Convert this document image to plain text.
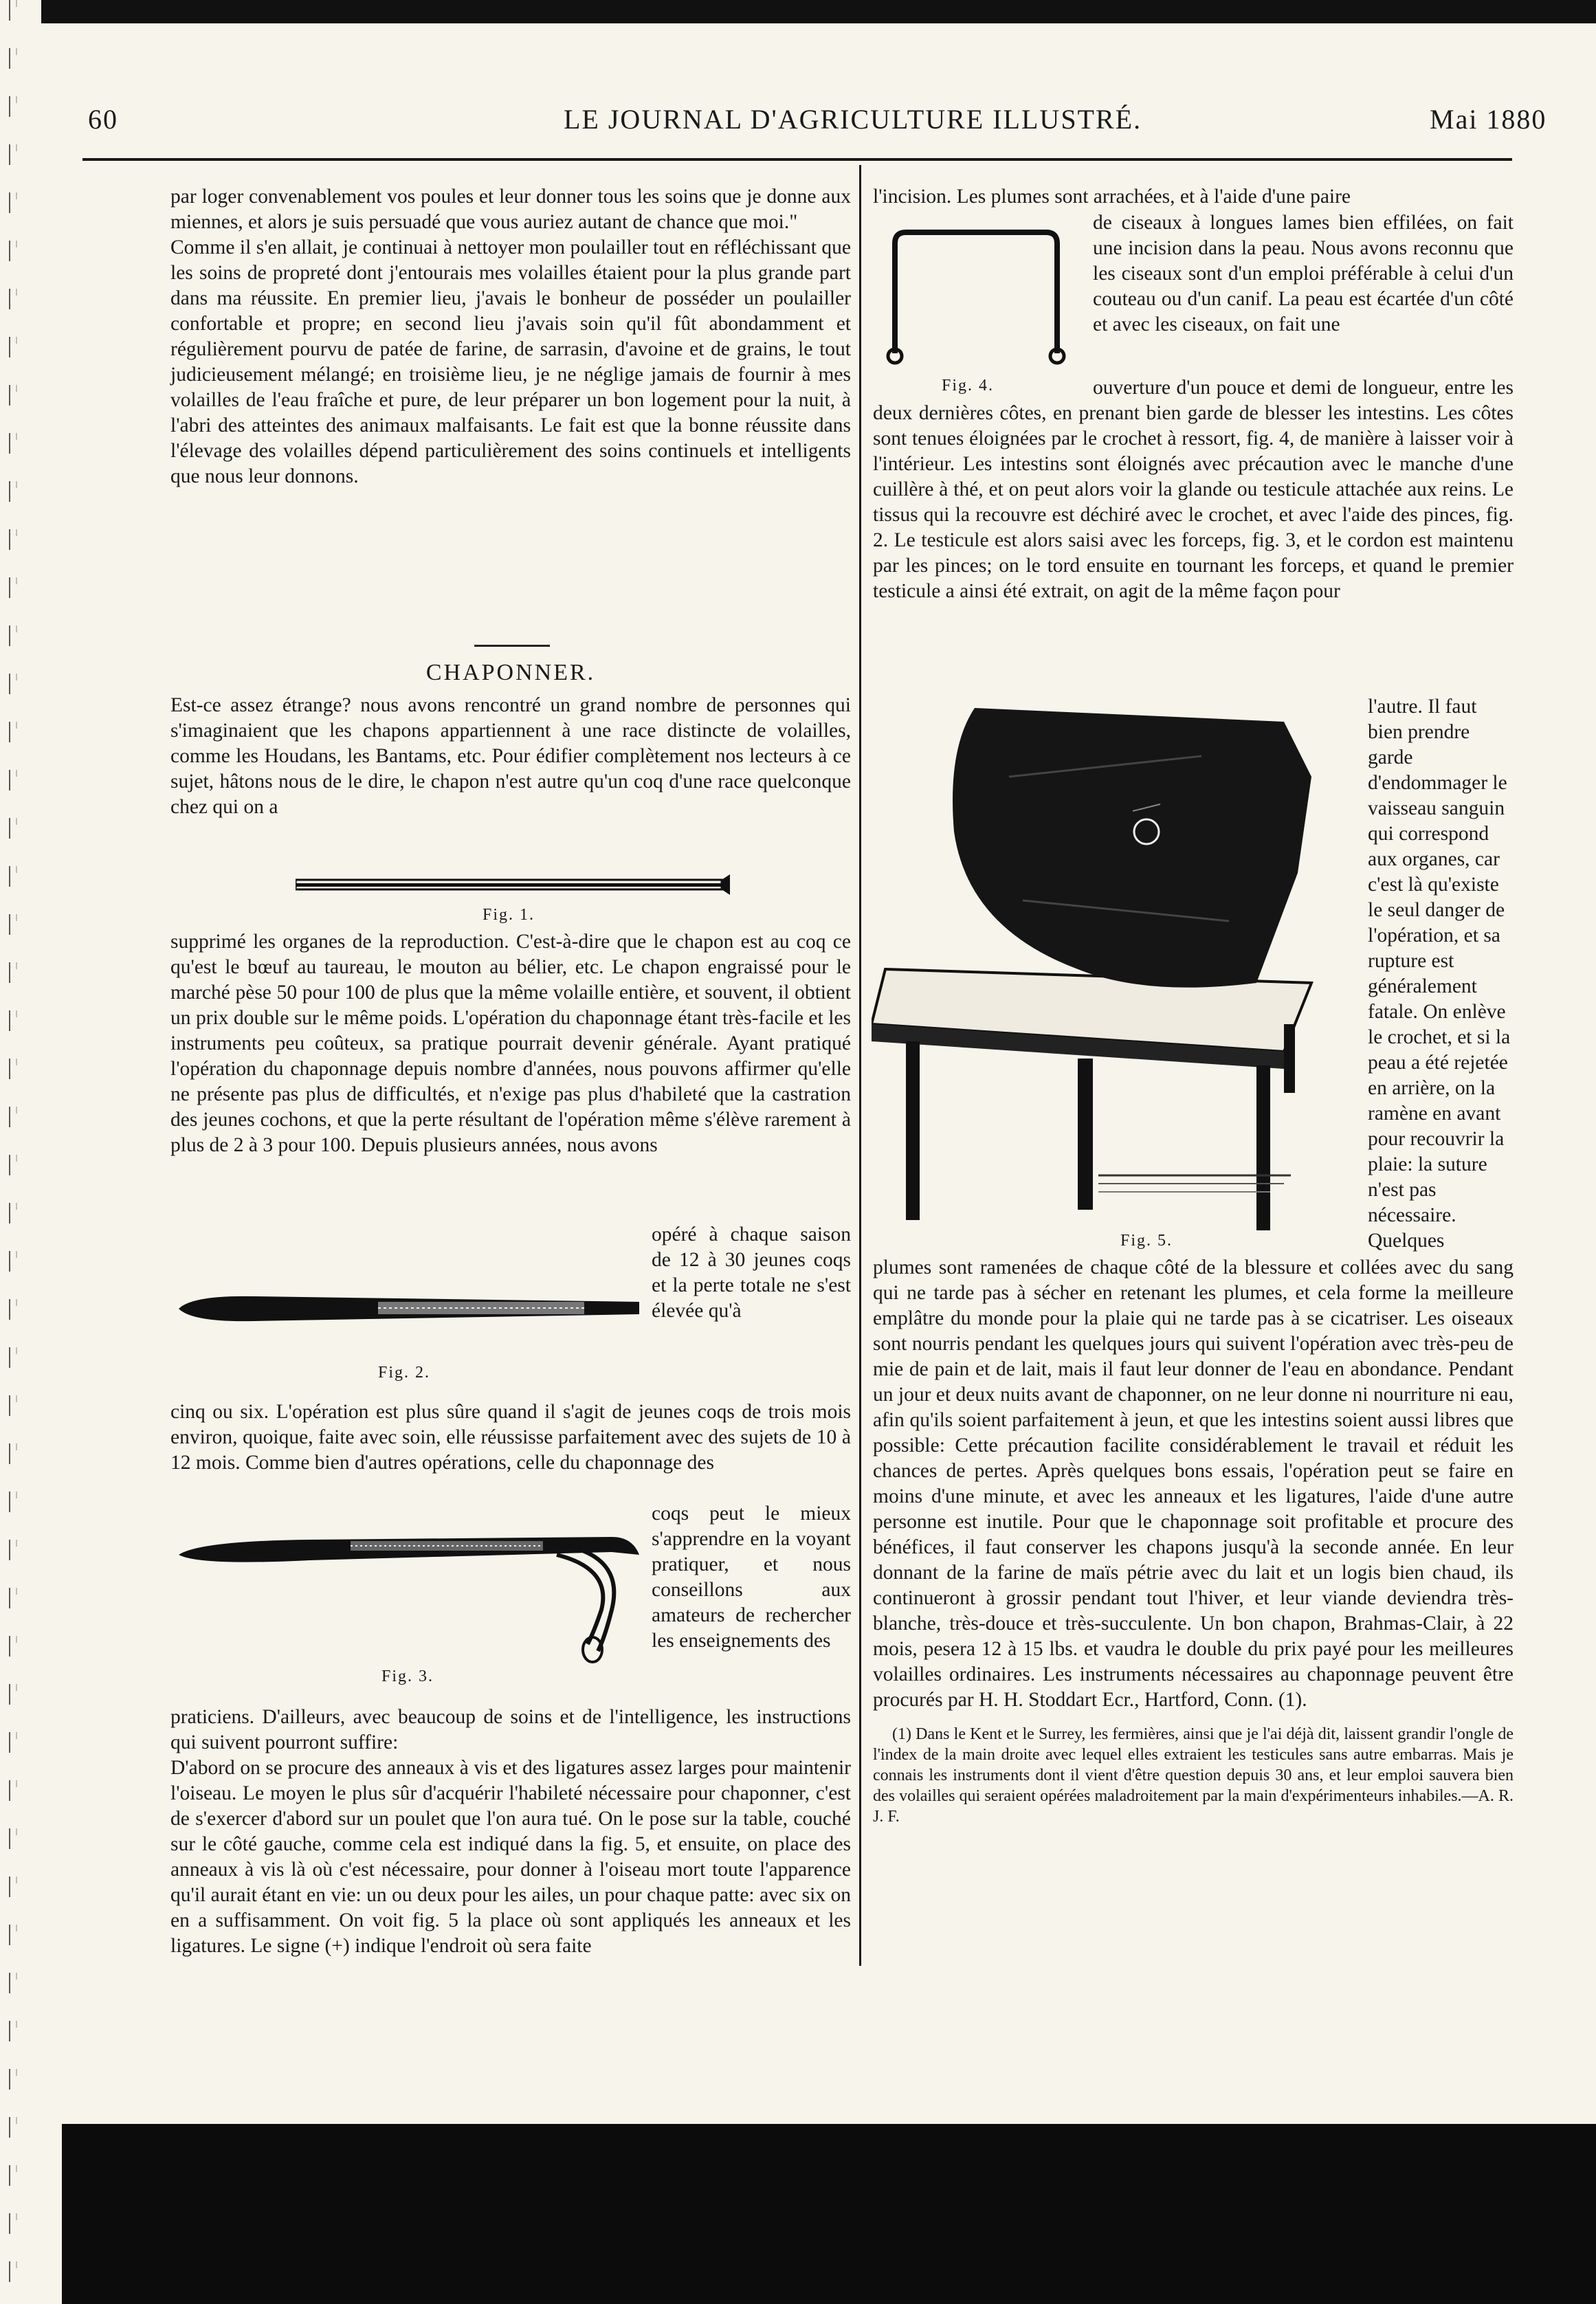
60	LE JOURNAL D'AGRICULTURE ILLUSTRÉ.	Mai 1880

par loger convenablement vos poules et leur donner tous les soins que je donne aux miennes, et alors je suis persuadé que vous auriez autant de chance que moi."

Comme il s'en allait, je continuai à nettoyer mon poulailler tout en réfléchissant que les soins de propreté dont j'entourais mes volailles étaient pour la plus grande part dans ma réussite. En premier lieu, j'avais le bonheur de posséder un poulailler confortable et propre; en second lieu j'avais soin qu'il fût abondamment et régulièrement pourvu de patée de farine, de sarrasin, d'avoine et de grains, le tout judicieusement mélangé; en troisième lieu, je ne néglige jamais de fournir à mes volailles de l'eau fraîche et pure, de leur préparer un bon logement pour la nuit, à l'abri des atteintes des animaux malfaisants. Le fait est que la bonne réussite dans l'élevage des volailles dépend particulièrement des soins continuels et intelligents que nous leur donnons.

CHAPONNER.

Est-ce assez étrange? nous avons rencontré un grand nombre de personnes qui s'imaginaient que les chapons appartiennent à une race distincte de volailles, comme les Houdans, les Bantams, etc. Pour édifier complètement nos lecteurs à ce sujet, hâtons nous de le dire, le chapon n'est autre qu'un coq d'une race quelconque chez qui on a

Fig. 1.

supprimé les organes de la reproduction. C'est-à-dire que le chapon est au coq ce qu'est le bœuf au taureau, le mouton au bélier, etc. Le chapon engraissé pour le marché pèse 50 pour 100 de plus que la même volaille entière, et souvent, il obtient un prix double sur le même poids. L'opération du chaponnage étant très-facile et les instruments peu coûteux, sa pratique pourrait devenir générale. Ayant pratiqué l'opération du chaponnage depuis nombre d'années, nous pouvons affirmer qu'elle ne présente pas plus de difficultés, et n'exige pas plus d'habileté que la castration des jeunes cochons, et que la perte résultant de l'opération même s'élève rarement à plus de 2 à 3 pour 100. Depuis plusieurs années, nous avons

opéré à chaque saison de 12 à 30 jeunes coqs et la perte totale ne s'est élevée qu'à

Fig. 2.

cinq ou six. L'opération est plus sûre quand il s'agit de jeunes coqs de trois mois environ, quoique, faite avec soin, elle réussisse parfaitement avec des sujets de 10 à 12 mois. Comme bien d'autres opérations, celle du chaponnage des

coqs peut le mieux s'apprendre en la voyant pratiquer, et nous conseillons aux amateurs de rechercher les enseignements des

Fig. 3.

praticiens. D'ailleurs, avec beaucoup de soins et de l'intelligence, les instructions qui suivent pourront suffire:

D'abord on se procure des anneaux à vis et des ligatures assez larges pour maintenir l'oiseau. Le moyen le plus sûr d'acquérir l'habileté nécessaire pour chaponner, c'est de s'exercer d'abord sur un poulet que l'on aura tué. On le pose sur la table, couché sur le côté gauche, comme cela est indiqué dans la fig. 5, et ensuite, on place des anneaux à vis là où c'est nécessaire, pour donner à l'oiseau mort toute l'apparence qu'il aurait étant en vie: un ou deux pour les ailes, un pour chaque patte: avec six on en a suffisamment. On voit fig. 5 la place où sont appliqués les anneaux et les ligatures. Le signe (+) indique l'endroit où sera faite

l'incision. Les plumes sont arrachées, et à l'aide d'une paire

de ciseaux à longues lames bien effilées, on fait une incision dans la peau. Nous avons reconnu que les ciseaux sont d'un emploi préférable à celui d'un couteau ou d'un canif. La peau est écartée d'un côté et avec les ciseaux, on fait une

Fig. 4.	ouverture d'un pouce et demi de longueur, entre les deux dernières côtes, en prenant bien garde de blesser les intestins. Les côtes sont tenues éloignées par le crochet à ressort, fig. 4, de manière à laisser voir à l'intérieur. Les intestins sont éloignés avec précaution avec le manche d'une cuillère à thé, et on peut alors voir la glande ou testicule attachée aux reins. Le tissus qui la recouvre est déchiré avec le crochet, et avec l'aide des pinces, fig. 2. Le testicule est alors saisi avec les forceps, fig. 3, et le cordon est maintenu par les pinces; on le tord ensuite en tournant les forceps, et quand le premier testicule a ainsi été extrait, on agit de la même façon pour

l'autre. Il faut bien prendre garde d'endommager le vaisseau sanguin qui correspond aux organes, car c'est là qu'existe le seul danger de l'opération, et sa rupture est généralement fatale. On enlève le crochet, et si la peau a été rejetée en arrière, on la ramène en avant pour recouvrir la plaie: la suture n'est pas nécessaire. Quelques

Fig. 5.

plumes sont ramenées de chaque côté de la blessure et collées avec du sang qui ne tarde pas à sécher en retenant les plumes, et cela forme la meilleure emplâtre du monde pour la plaie qui ne tarde pas à se cicatriser. Les oiseaux sont nourris pendant les quelques jours qui suivent l'opération avec très-peu de mie de pain et de lait, mais il faut leur donner de l'eau en abondance. Pendant un jour et deux nuits avant de chaponner, on ne leur donne ni nourriture ni eau, afin qu'ils soient parfaitement à jeun, et que les intestins soient aussi libres que possible: Cette précaution facilite considérablement le travail et réduit les chances de pertes. Après quelques bons essais, l'opération peut se faire en moins d'une minute, et avec les anneaux et les ligatures, l'aide d'une autre personne est inutile. Pour que le chaponnage soit profitable et procure des bénéfices, il faut conserver les chapons jusqu'à la seconde année. En leur donnant de la farine de maïs pétrie avec du lait et un logis bien chaud, ils continueront à grossir pendant tout l'hiver, et leur viande deviendra très-blanche, très-douce et très-succulente. Un bon chapon, Brahmas-Clair, à 22 mois, pesera 12 à 15 lbs. et vaudra le double du prix payé pour les meilleures volailles ordinaires. Les instruments nécessaires au chaponnage peuvent être procurés par H. H. Stoddart Ecr., Hartford, Conn. (1).

(1) Dans le Kent et le Surrey, les fermières, ainsi que je l'ai déjà dit, laissent grandir l'ongle de l'index de la main droite avec lequel elles extraient les testicules sans autre embarras. Mais je connais les instruments dont il vient d'être question depuis 30 ans, et leur emploi sauvera bien des volailles qui seraient opérées maladroitement par la main d'expérimenteurs inhabiles.—A. R. J. F.
